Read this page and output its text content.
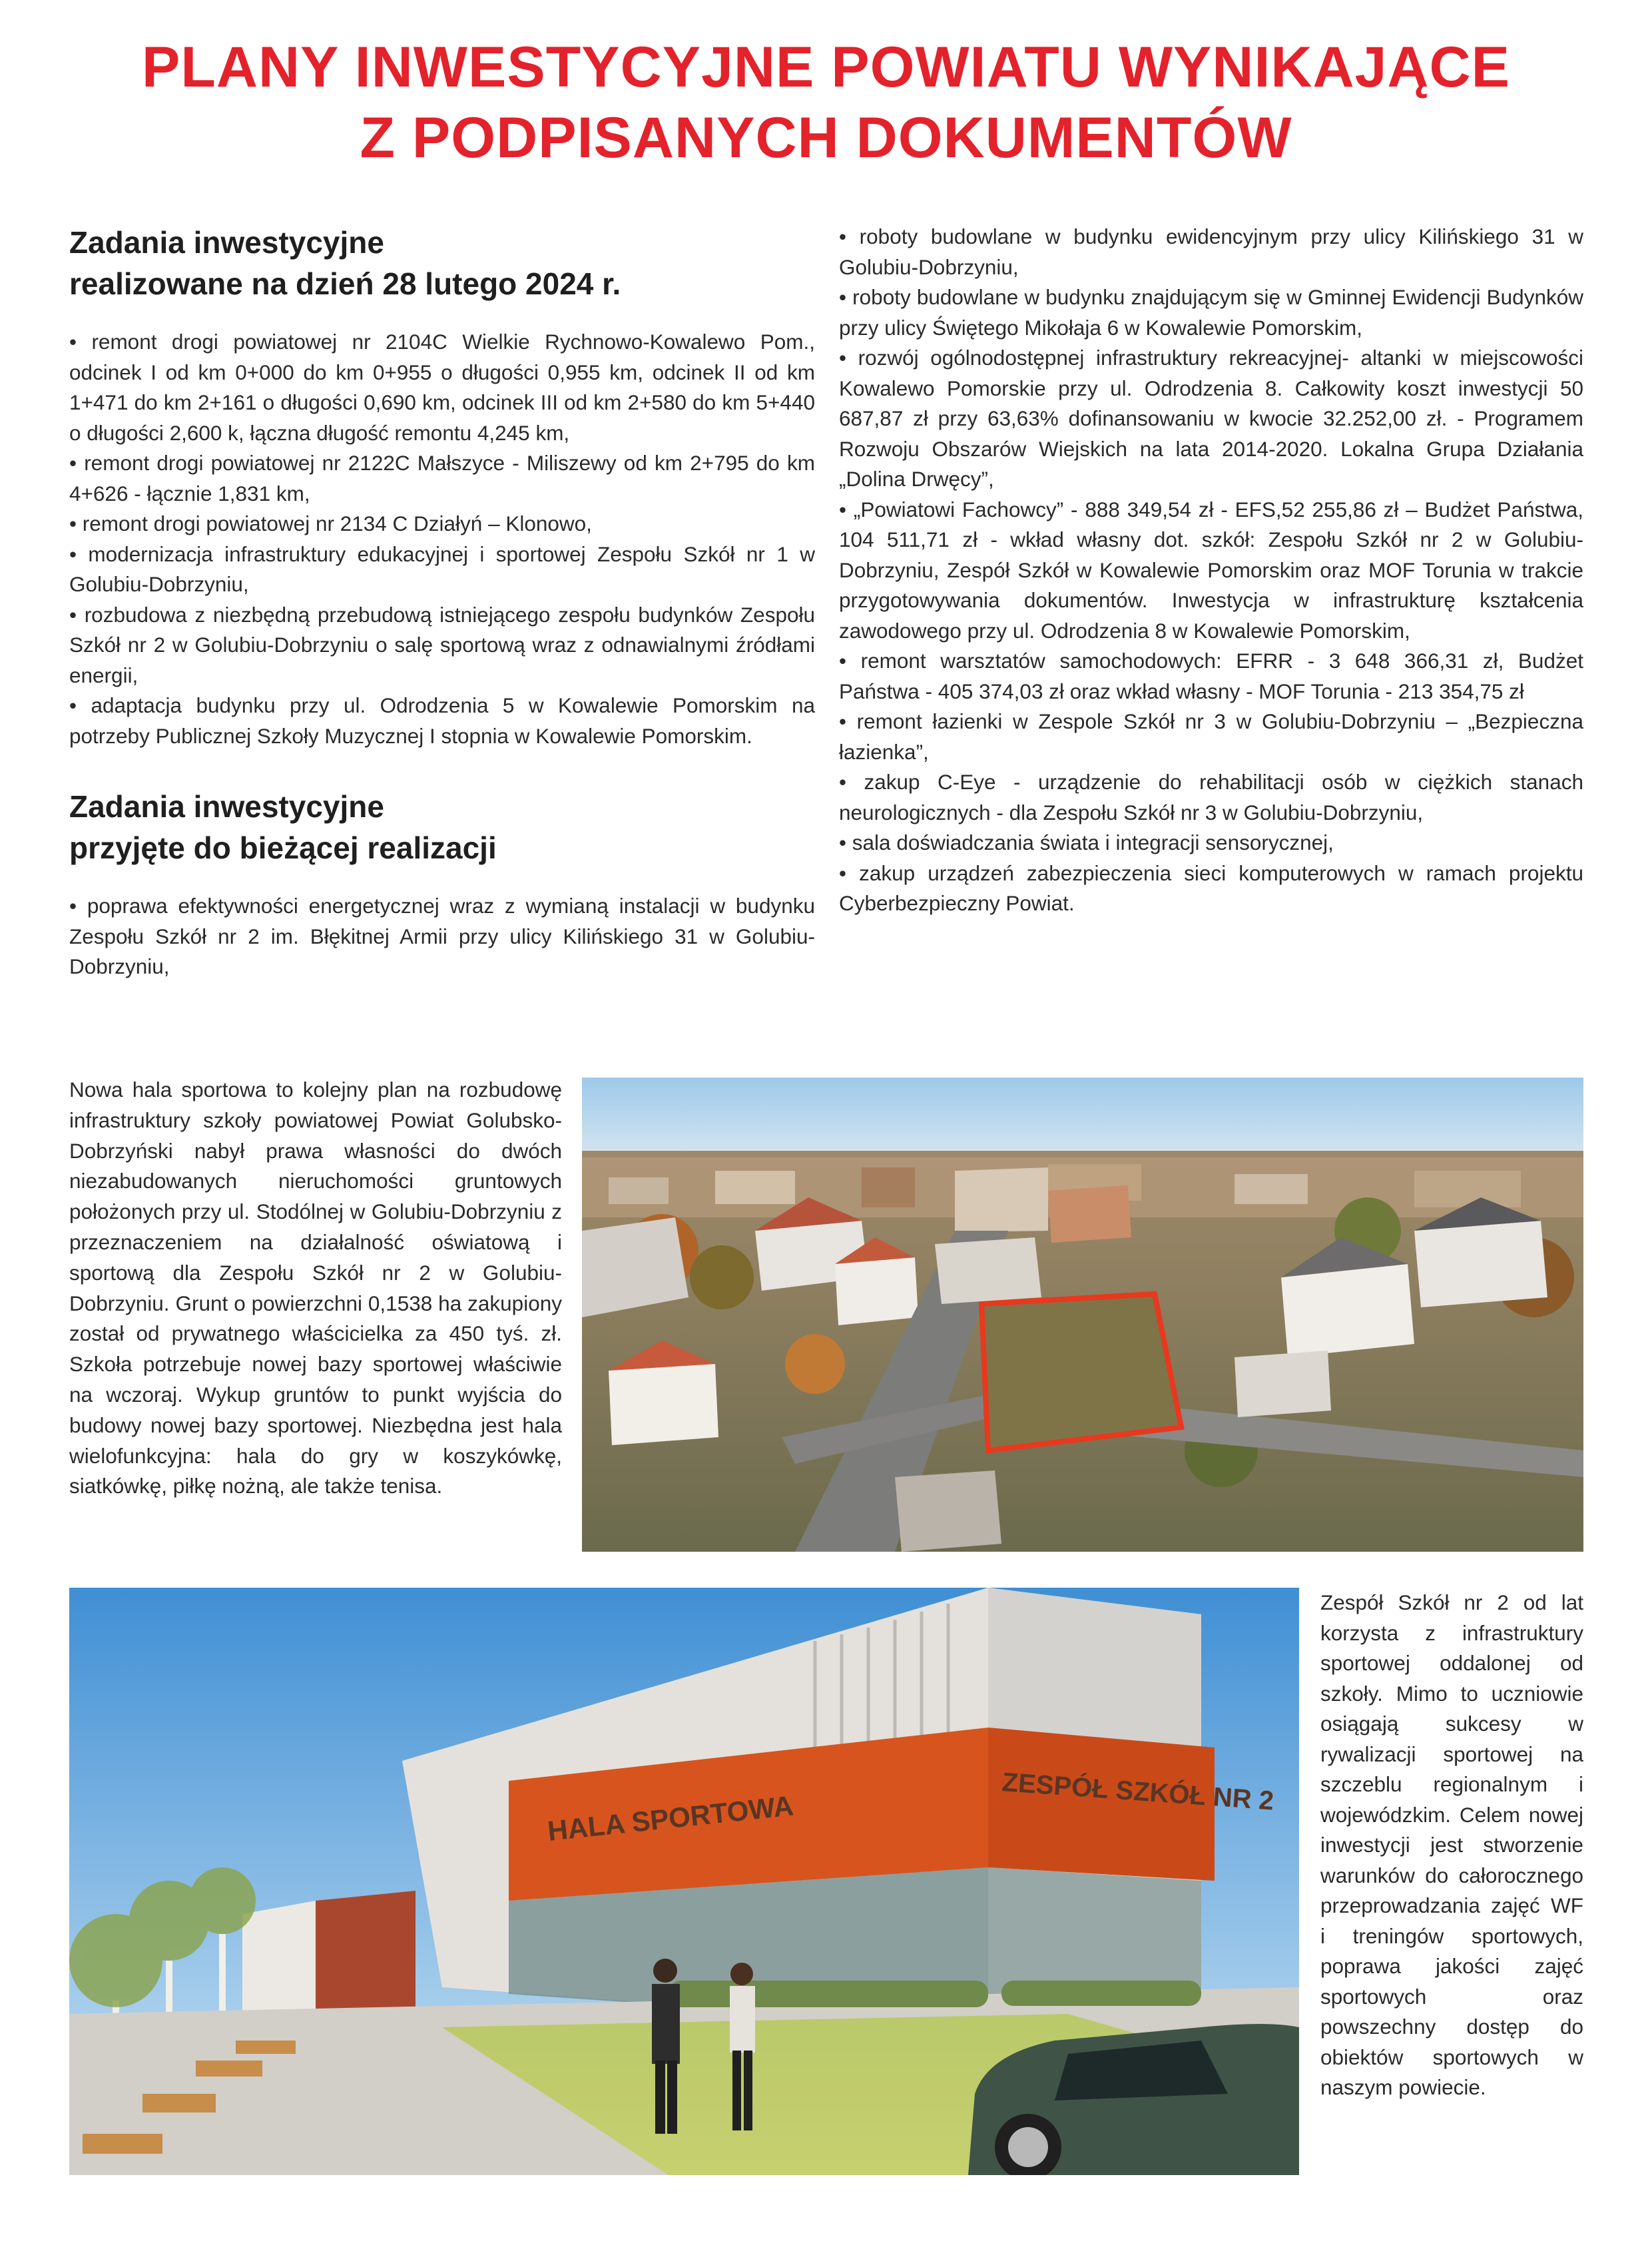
PLANY INWESTYCYJNE POWIATU WYNIKAJĄCE
Z PODPISANYCH DOKUMENTÓW
Zadania inwestycyjne
realizowane na dzień 28 lutego 2024 r.

• remont drogi powiatowej nr 2104C Wielkie Rychnowo-Kowalewo Pom., odcinek I od km 0+000 do km 0+955 o długości 0,955 km, odcinek II od km 1+471 do km 2+161 o długości 0,690 km, odcinek III od km 2+580 do km 5+440 o długości 2,600 k, łączna długość remontu 4,245 km,

• remont drogi powiatowej nr 2122C Małszyce - Miliszewy od km 2+795 do km 4+626 - łącznie 1,831 km,

• remont drogi powiatowej nr 2134 C Działyń – Klonowo,

• modernizacja infrastruktury edukacyjnej i sportowej Zespołu Szkół nr 1 w Golubiu-Dobrzyniu,

• rozbudowa z niezbędną przebudową istniejącego zespołu budynków Zespołu Szkół nr 2 w Golubiu-Dobrzyniu o salę sportową wraz z odnawialnymi źródłami energii,

• adaptacja budynku przy ul. Odrodzenia 5 w Kowalewie Pomorskim na potrzeby Publicznej Szkoły Muzycznej I stopnia w Kowalewie Pomorskim.

Zadania inwestycyjne
przyjęte do bieżącej realizacji

• poprawa efektywności energetycznej wraz z wymianą instalacji w budynku Zespołu Szkół nr 2 im. Błękitnej Armii przy ulicy Kilińskiego 31 w Golubiu-Dobrzyniu,

• roboty budowlane w budynku ewidencyjnym przy ulicy Kilińskiego 31 w Golubiu-Dobrzyniu,

• roboty budowlane w budynku znajdującym się w Gminnej Ewidencji Budynków przy ulicy Świętego Mikołaja 6 w Kowalewie Pomorskim,

• rozwój ogólnodostępnej infrastruktury rekreacyjnej- altanki w miejscowości Kowalewo Pomorskie przy ul. Odrodzenia 8. Całkowity koszt inwestycji 50 687,87 zł przy 63,63% dofinansowaniu w kwocie 32.252,00 zł. - Programem Rozwoju Obszarów Wiejskich na lata 2014-2020. Lokalna Grupa Działania „Dolina Drwęcy”,

• „Powiatowi Fachowcy” - 888 349,54 zł - EFS,52 255,86 zł – Budżet Państwa, 104 511,71 zł - wkład własny dot. szkół: Zespołu Szkół nr 2 w Golubiu-Dobrzyniu, Zespół Szkół w Kowalewie Pomorskim oraz MOF Torunia w trakcie przygotowywania dokumentów. Inwestycja w infrastrukturę kształcenia zawodowego przy ul. Odrodzenia 8 w Kowalewie Pomorskim,

• remont warsztatów samochodowych: EFRR - 3 648 366,31 zł, Budżet Państwa - 405 374,03 zł oraz wkład własny - MOF Torunia - 213 354,75 zł

• remont łazienki w Zespole Szkół nr 3 w Golubiu-Dobrzyniu – „Bezpieczna łazienka”,

• zakup C-Eye - urządzenie do rehabilitacji osób w ciężkich stanach neurologicznych - dla Zespołu Szkół nr 3 w Golubiu-Dobrzyniu,

• sala doświadczania świata i integracji sensorycznej,

• zakup urządzeń zabezpieczenia sieci komputerowych w ramach projektu Cyberbezpieczny Powiat.

Nowa hala sportowa to kolejny plan na rozbudowę infrastruktury szkoły powiatowej Powiat Golubsko-Dobrzyński nabył prawa własności do dwóch niezabudowanych nieruchomości gruntowych położonych przy ul. Stodólnej w Golubiu-Dobrzyniu z przeznaczeniem na działalność oświatową i sportową dla Zespołu Szkół nr 2 w Golubiu-Dobrzyniu. Grunt o powierzchni 0,1538 ha zakupiony został od prywatnego właścicielka za 450 tyś. zł. Szkoła potrzebuje nowej bazy sportowej właściwie na wczoraj. Wykup gruntów to punkt wyjścia do budowy nowej bazy sportowej. Niezbędna jest hala wielofunkcyjna: hala do gry w koszykówkę, siatkówkę, piłkę nożną, ale także tenisa.

HALA SPORTOWA	ZESPÓŁ SZKÓŁ NR 2

Zespół Szkół nr 2 od lat korzysta z infrastruktury sportowej oddalonej od szkoły. Mimo to uczniowie osiągają sukcesy w rywalizacji sportowej na szczeblu regionalnym i wojewódzkim. Celem nowej inwestycji jest stworzenie warunków do całorocznego przeprowadzania zajęć WF i treningów sportowych, poprawa jakości zajęć sportowych oraz powszechny dostęp do obiektów sportowych w naszym powiecie.
